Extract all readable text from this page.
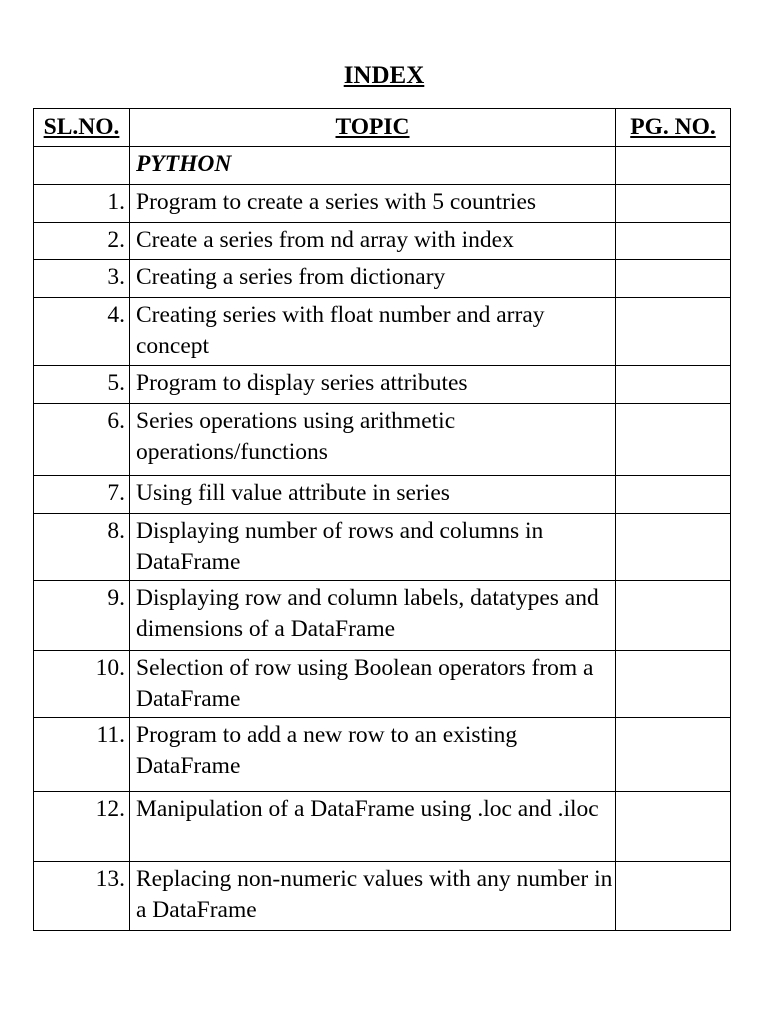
INDEX
SL.NO.	TOPIC	PG. NO.
	PYTHON	
1.	Program to create a series with 5 countries	
2.	Create a series from nd array with index	
3.	Creating a series from dictionary	
4.	Creating series with float number and array concept	
5.	Program to display series attributes	
6.	Series operations using arithmetic operations/functions	
7.	Using fill value attribute in series	
8.	Displaying number of rows and columns in DataFrame	
9.	Displaying row and column labels, datatypes and dimensions of a DataFrame	
10.	Selection of row using Boolean operators from a DataFrame	
11.	Program to add a new row to an existing DataFrame	
12.	Manipulation of a DataFrame using .loc and .iloc	
13.	Replacing non-numeric values with any number in a DataFrame	
